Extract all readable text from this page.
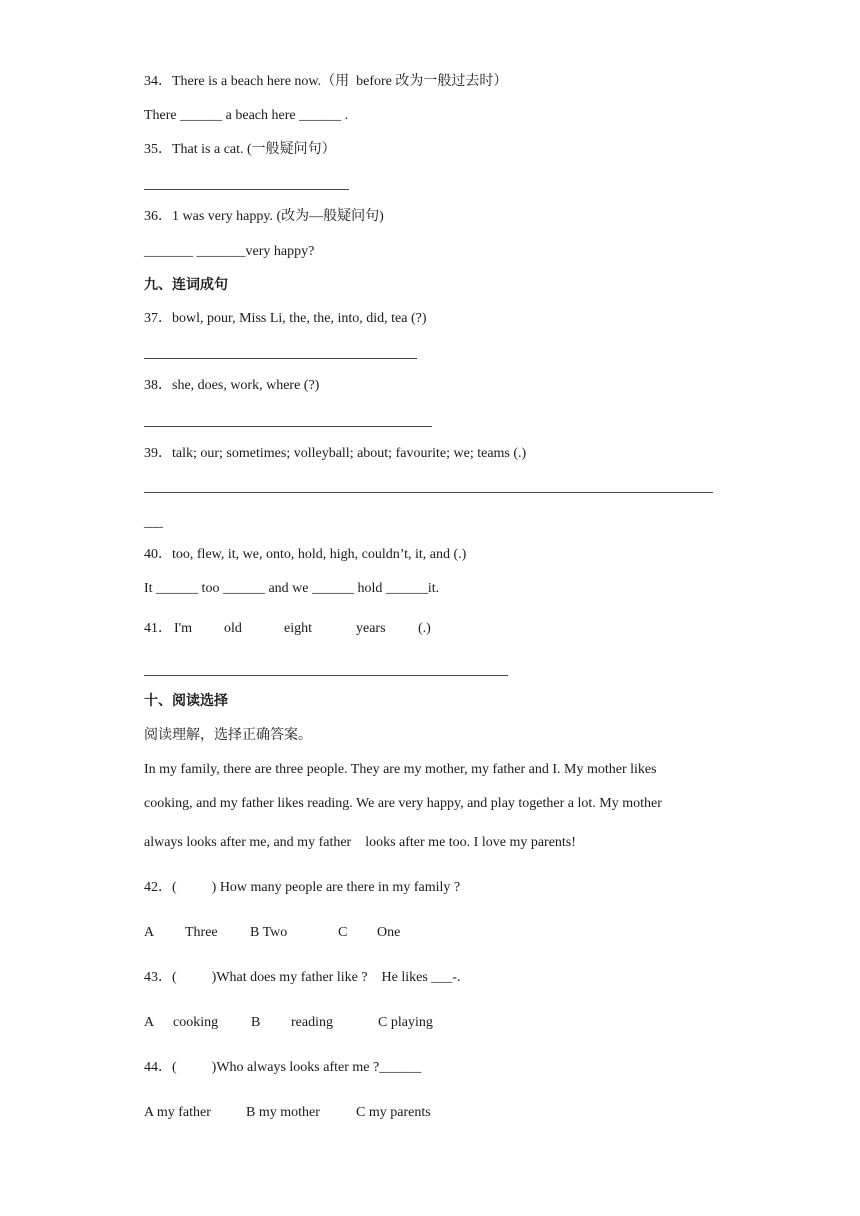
34．There is a beach here now.（用  before 改为一般过去时）
There ______ a beach here ______ .
35．That is a cat. (一般疑问句）
36．1 was very happy. (改为—般疑问句)
_______ _______very happy?
九、连词成句
37．bowl, pour, Miss Li, the, the, into, did, tea (?)
38．she, does, work, where (?)
39．talk; our; sometimes; volleyball; about; favourite; we; teams (.)
___
40．too, flew, it, we, onto, hold, high, couldn’t, it, and (.)
It ______ too ______ and we ______ hold ______it.
41． I'm old	eight	years (.)
十、阅读选择
阅读理解，选择正确答案。
In my family, there are three people. They are my mother, my father and I. My mother likes
cooking, and my father likes reading. We are very happy, and play together a lot. My mother
always looks after me, and my father    looks after me too. I love my parents!
42．(          ) How many people are there in my family ?
A Three B Two	C One
43．(          )What does my father like ?    He likes ___-.
A cooking B reading	C playing
44．(          )Who always looks after me ?______
A my father	B my mother	C my parents
